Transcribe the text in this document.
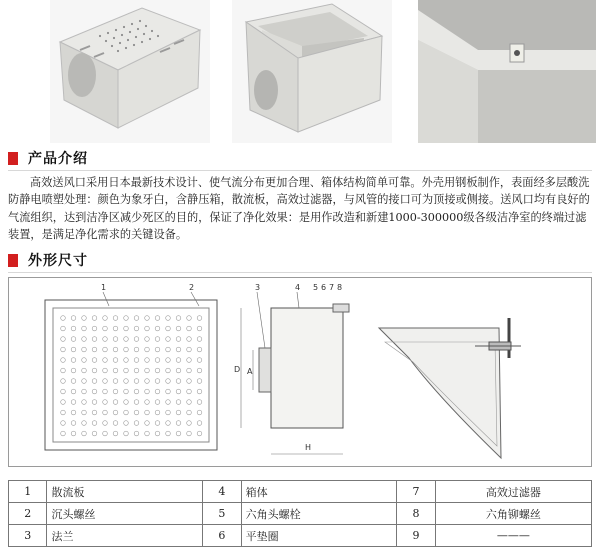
产品介绍

高效送风口采用日本最新技术设计、使气流分布更加合理、箱体结构简单可靠。外壳用钢板制作，表面经多层酸洗防静电喷塑处理：颜色为象牙白，含静压箱，散流板，高效过滤器，与风管的接口可为顶接或侧接。送风口均有良好的气流组织，达到洁净区减少死区的目的，保证了净化效果：是用作改造和新建1000-300000级各级洁净室的终端过滤装置，是满足净化需求的关键设备。

外形尺寸
1	2
D A
H
3	4 5 6 7 8
1	散流板	4	箱体	7	高效过滤器
2	沉头螺丝	5	六角头螺栓	8	六角铆螺丝
3	法兰	6	平垫圈	9	———
